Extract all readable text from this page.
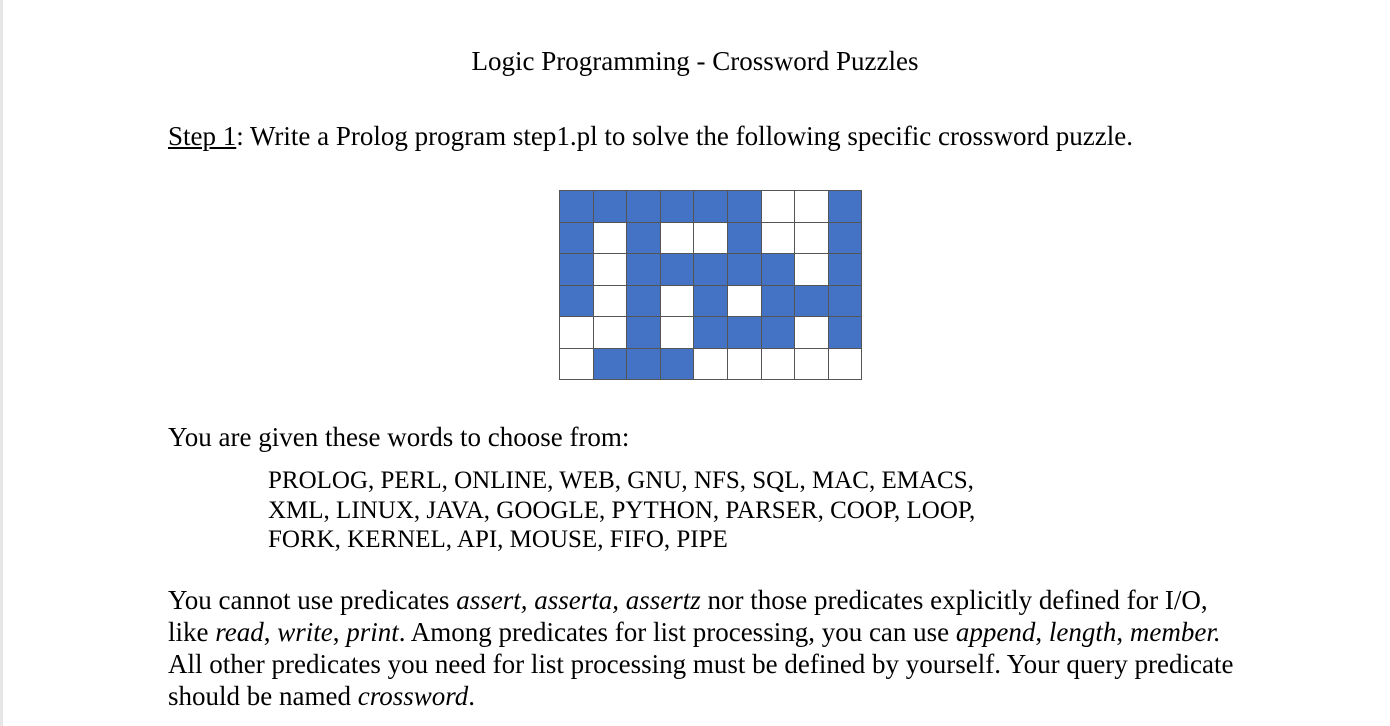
Logic Programming - Crossword Puzzles
Step 1: Write a Prolog program step1.pl to solve the following specific crossword puzzle.
You are given these words to choose from:
PROLOG, PERL, ONLINE, WEB, GNU, NFS, SQL, MAC, EMACS,
XML, LINUX, JAVA, GOOGLE, PYTHON, PARSER, COOP, LOOP,
FORK, KERNEL, API, MOUSE, FIFO, PIPE
You cannot use predicates assert, asserta, assertz nor those predicates explicitly defined for I/O,
like read, write, print. Among predicates for list processing, you can use append, length, member.
All other predicates you need for list processing must be defined by yourself. Your query predicate
should be named crossword.
